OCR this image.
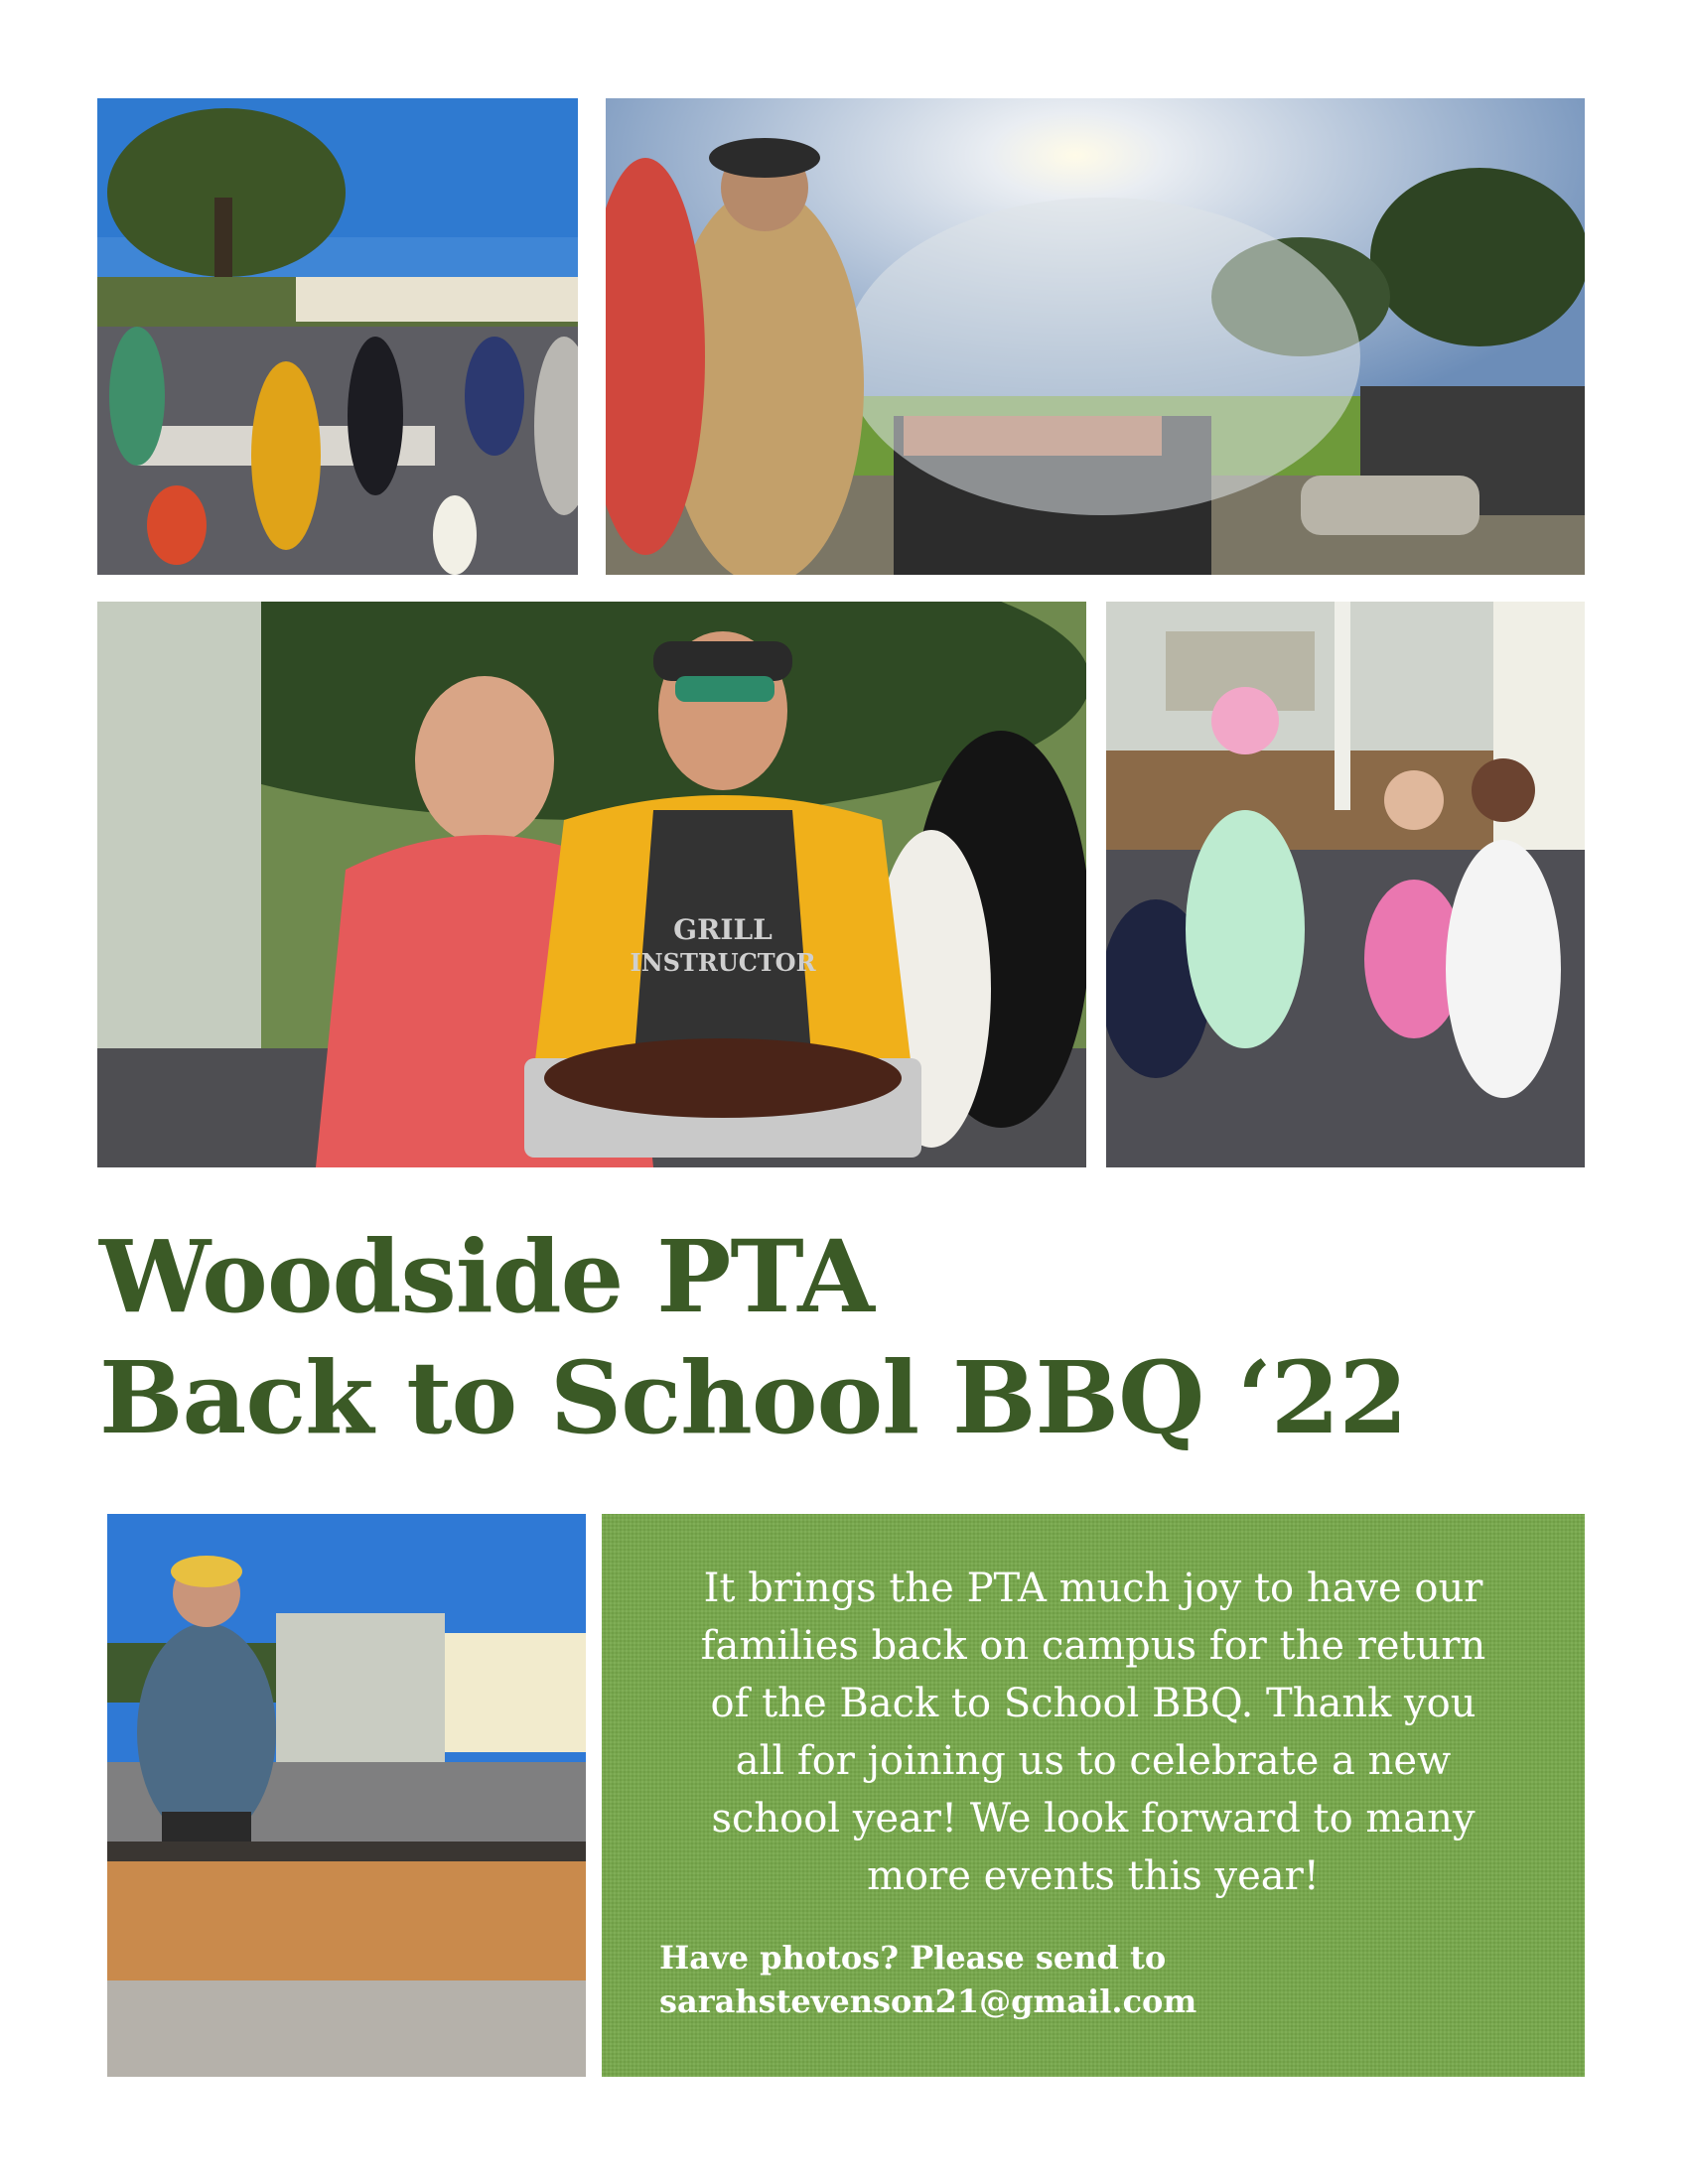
GRILL
INSTRUCTOR
Woodside PTA
Back to School BBQ ‘22
It brings the PTA much joy to have our
families back on campus for the return
of the Back to School BBQ. Thank you
all for joining us to celebrate a new
school year! We look forward to many
more events this year!
Have photos? Please send to
sarahstevenson21@gmail.com
